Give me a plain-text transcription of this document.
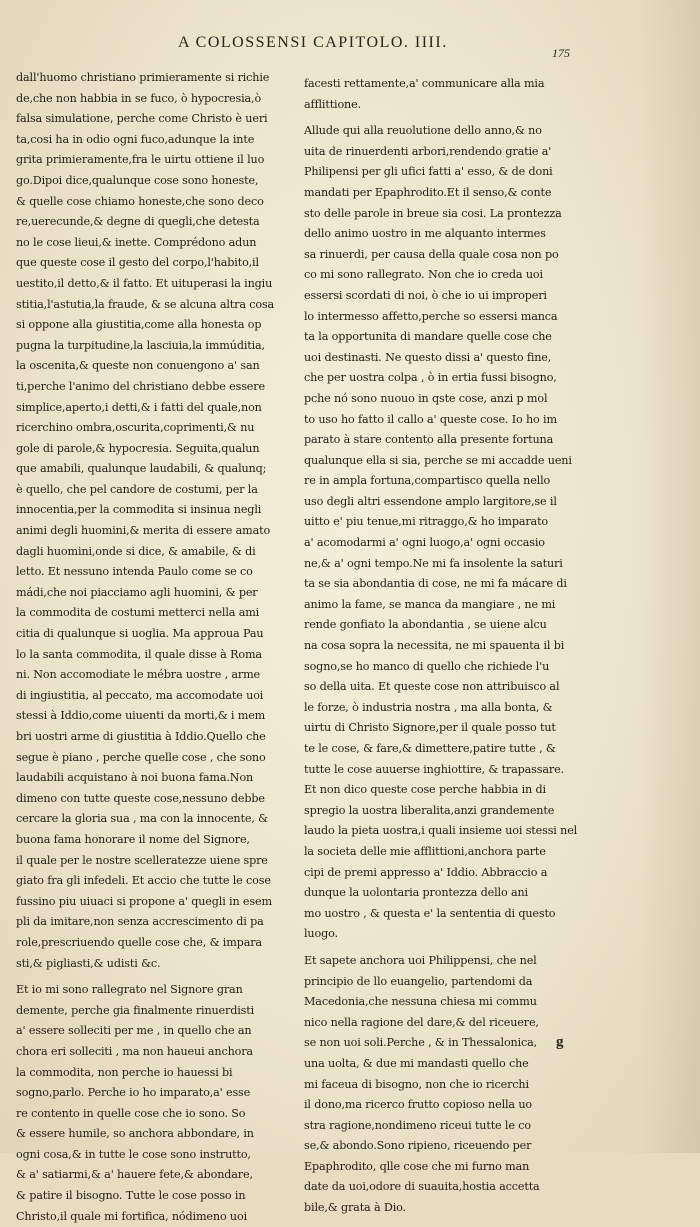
A COLOSSENSI CAPITOLO. IIII.
175
dall'huomo christiano primieramente si richie
de,che non habbia in se fuco, ò hypocresia,ò
falsa simulatione, perche come Christo è ueri
ta,cosi ha in odio ogni fuco,adunque la inte
grita primieramente,fra le uirtu ottiene il luo
go.Dipoi dice,qualunque cose sono honeste,
& quelle cose chiamo honeste,che sono deco
re,uerecunde,& degne di quegli,che detesta
no le cose lieui,& inette. Comprédono adun
que queste cose il gesto del corpo,l'habito,il
uestito,il detto,& il fatto. Et uituperasi la ingiu
stitia,l'astutia,la fraude, & se alcuna altra cosa
si oppone alla giustitia,come alla honesta op
pugna la turpitudine,la lasciuia,la immúditia,
la oscenita,& queste non conuengono a' san
ti,perche l'animo del christiano debbe essere
simplice,aperto,i detti,& i fatti del quale,non
ricerchino ombra,oscurita,coprimenti,& nu
gole di parole,& hypocresia. Seguita,qualun
que amabili, qualunque laudabili, & qualunq;
è quello, che pel candore de costumi, per la
innocentia,per la commodita si insinua negli
animi degli huomini,& merita di essere amato
dagli huomini,onde si dice, & amabile, & di
letto. Et nessuno intenda Paulo come se co
mádi,che noi piacciamo agli huomini, & per
la commodita de costumi metterci nella ami
citia di qualunque si uoglia. Ma approua Pau
lo la santa commodita, il quale disse à Roma
ni. Non accomodiate le mébra uostre , arme
di ingiustitia, al peccato, ma accomodate uoi
stessi à Iddio,come uiuenti da morti,& i mem
bri uostri arme di giustitia à Iddio.Quello che
segue è piano , perche quelle cose , che sono
laudabili acquistano à noi buona fama.Non
dimeno con tutte queste cose,nessuno debbe
cercare la gloria sua , ma con la innocente, &
buona fama honorare il nome del Signore,
il quale per le nostre scelleratezze uiene spre
giato fra gli infedeli. Et accio che tutte le cose
fussino piu uiuaci si propone a' quegli in esem
pli da imitare,non senza accrescimento di pa
role,prescriuendo quelle cose che, & impara
sti,& pigliasti,& udisti &c.
Et io mi sono rallegrato nel Signore gran
demente, perche gia finalmente rinuerdisti
a' essere solleciti per me , in quello che an
chora eri solleciti , ma non haueui anchora
la commodita, non perche io hauessi bi
sogno,parlo. Perche io ho imparato,a' esse
re contento in quelle cose che io sono. So
& essere humile, so anchora abbondare, in
ogni cosa,& in tutte le cose sono instrutto,
& a' satiarmi,& a' hauere fete,& abondare,
& patire il bisogno. Tutte le cose posso in
Christo,il quale mi fortifica, nódimeno uoi
facesti rettamente,a' communicare alla mia
afflittione.
Allude qui alla reuolutione dello anno,& no
uita de rinuerdenti arbori,rendendo gratie a'
Philipensi per gli ufici fatti a' esso, & de doni
mandati per Epaphrodito.Et il senso,& conte
sto delle parole in breue sia cosi. La prontezza
dello animo uostro in me alquanto intermes
sa rinuerdi, per causa della quale cosa non po
co mi sono rallegrato. Non che io creda uoi
essersi scordati di noi, ò che io ui improperi
lo intermesso affetto,perche so essersi manca
ta la opportunita di mandare quelle cose che
uoi destinasti. Ne questo dissi a' questo fine,
che per uostra colpa , ò in ertia fussi bisogno,
pche nó sono nuouo in qste cose, anzi p mol
to uso ho fatto il callo a' queste cose. Io ho im
parato à stare contento alla presente fortuna
qualunque ella si sia, perche se mi accadde ueni
re in ampla fortuna,compartisco quella nello
uso degli altri essendone amplo largitore,se il
uitto e' piu tenue,mi ritraggo,& ho imparato
a' acomodarmi a' ogni luogo,a' ogni occasio
ne,& a' ogni tempo.Ne mi fa insolente la saturi
ta se sia abondantia di cose, ne mi fa mácare di
animo la fame, se manca da mangiare , ne mi
rende gonfiato la abondantia , se uiene alcu
na cosa sopra la necessita, ne mi spauenta il bi
sogno,se ho manco di quello che richiede l'u
so della uita. Et queste cose non attribuisco al
le forze, ò industria nostra , ma alla bonta, &
uirtu di Christo Signore,per il quale posso tut
te le cose, & fare,& dimettere,patire tutte , &
tutte le cose auuerse inghiottire, & trapassare.
Et non dico queste cose perche habbia in di
spregio la uostra liberalita,anzi grandemente
laudo la pieta uostra,i quali insieme uoi stessi nel
la societa delle mie afflittioni,anchora parte
cipi de premi appresso a' Iddio. Abbraccio a
dunque la uolontaria prontezza dello ani
mo uostro , & questa e' la sententia di questo
luogo.
Et sapete anchora uoi Philippensi, che nel
principio de llo euangelio, partendomi da
Macedonia,che nessuna chiesa mi commu
nico nella ragione del dare,& del riceuere,
se non uoi soli.Perche , & in Thessalonica,
una uolta, & due mi mandasti quello che
mi faceua di bisogno, non che io ricerchi
il dono,ma ricerco frutto copioso nella uo
stra ragione,nondimeno riceui tutte le co
se,& abondo.Sono ripieno, riceuendo per
Epaphrodito, qlle cose che mi furno man
date da uoi,odore di suauita,hostia accetta
bile,& grata à Dio.
g
